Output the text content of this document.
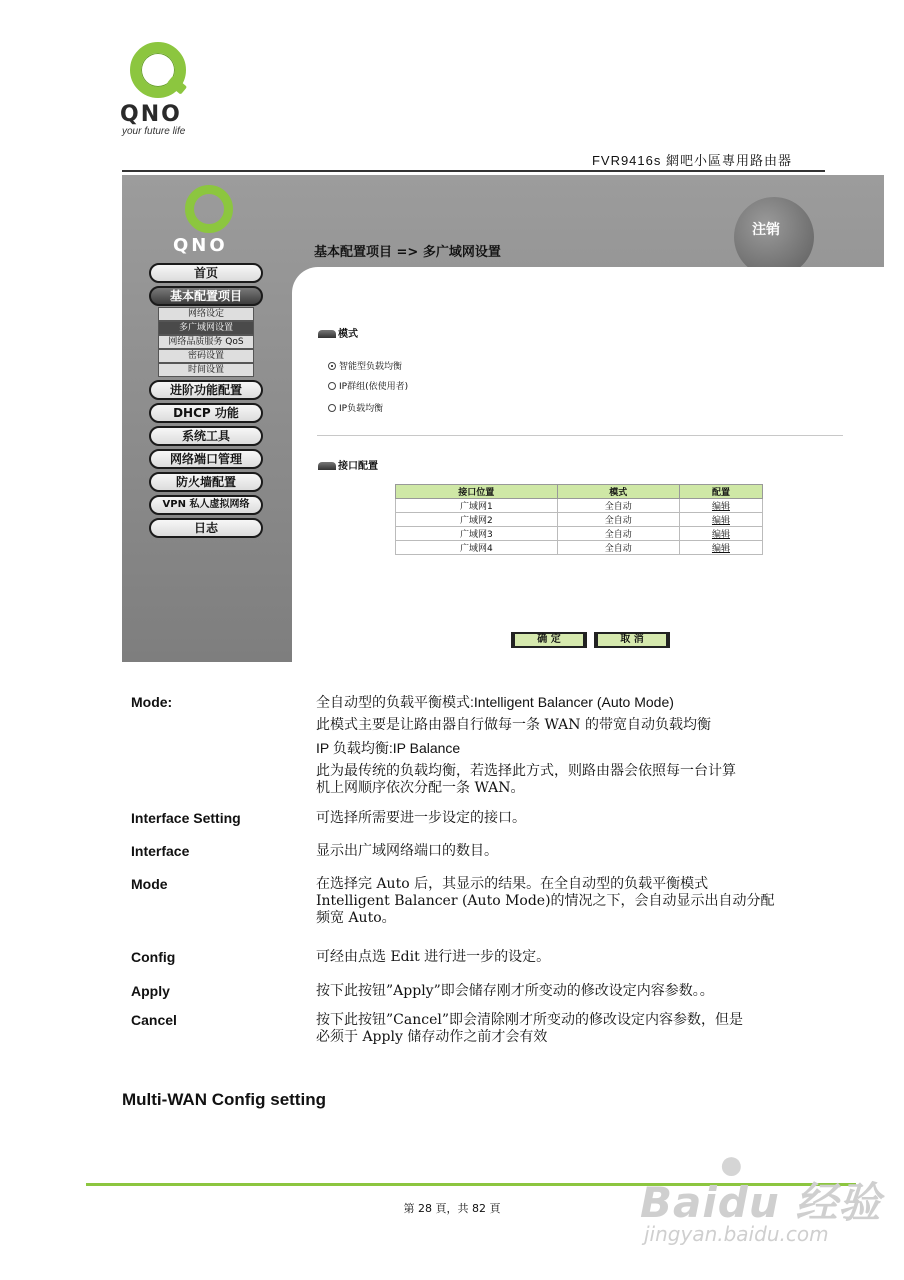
QNO
your future life
FVR9416s 網吧小區專用路由器
QNO
注销
基本配置项目 => 多广域网设置
首页
基本配置项目
网络设定
多广域网设置
网络品质服务 QoS
密码设置
时间设置
进阶功能配置
DHCP 功能
系统工具
网络端口管理
防火墙配置
VPN 私人虚拟网络
日志
模式
智能型负载均衡
IP群组(依使用者)
IP负载均衡
接口配置
接口位置	模式	配置
广域网1	全自动	编辑
广域网2	全自动	编辑
广域网3	全自动	编辑
广域网4	全自动	编辑
确 定	取 消
Mode:	全自动型的负载平衡模式:Intelligent Balancer (Auto Mode)
此模式主要是让路由器自行做每一条 WAN 的带宽自动负载均衡
IP 负载均衡:IP Balance
此为最传统的负载均衡，若选择此方式，则路由器会依照每一台计算
机上网顺序依次分配一条 WAN。
Interface Setting	可选择所需要进一步设定的接口。
Interface	显示出广域网络端口的数目。
Mode	在选择完 Auto 后，其显示的结果。在全自动型的负载平衡模式
Intelligent Balancer (Auto Mode)的情况之下，会自动显示出自动分配
频宽 Auto。
Config	可经由点选 Edit 进行进一步的设定。
Apply	按下此按钮”Apply”即会储存刚才所变动的修改设定内容参数。。
Cancel	按下此按钮”Cancel”即会清除刚才所变动的修改设定内容参数，但是
必须于 Apply 储存动作之前才会有效
Multi-WAN Config setting
第 28 頁，共 82 頁
●
Baidu 经验
jingyan.baidu.com
